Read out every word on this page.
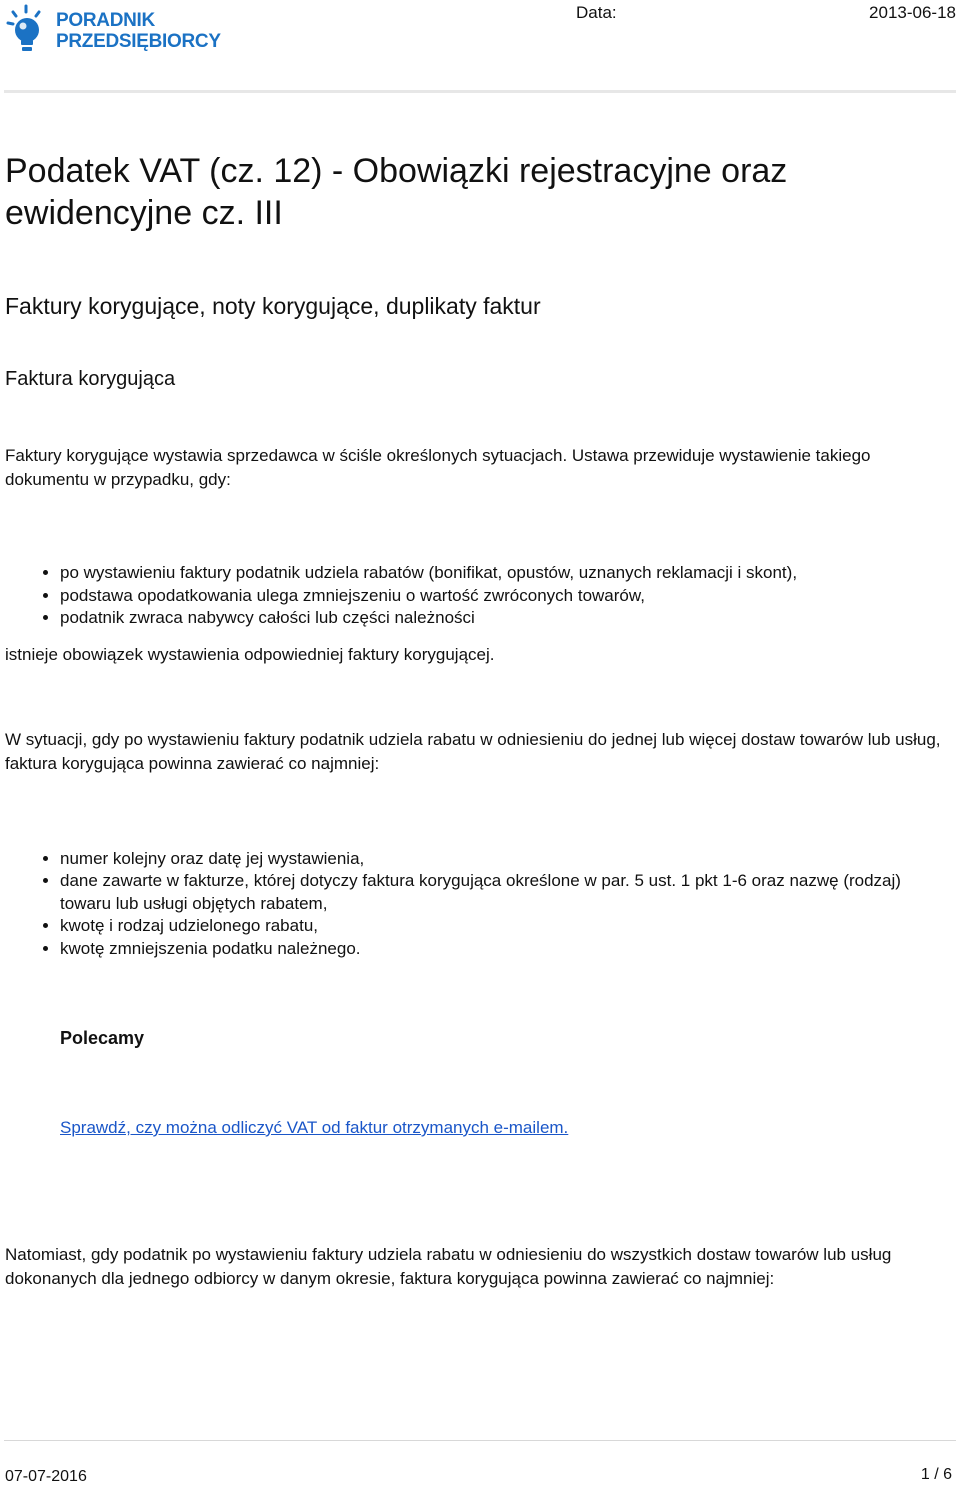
PORADNIK
PRZEDSIĘBIORCY
Data:	2013-06-18
Podatek VAT (cz. 12) - Obowiązki rejestracyjne oraz ewidencyjne cz. III
Faktury korygujące, noty korygujące, duplikaty faktur
Faktura korygująca

Faktury korygujące wystawia sprzedawca w ściśle określonych sytuacjach. Ustawa przewiduje wystawienie takiego dokumentu w przypadku, gdy:

• po wystawieniu faktury podatnik udziela rabatów (bonifikat, opustów, uznanych reklamacji i skont),
• podstawa opodatkowania ulega zmniejszeniu o wartość zwróconych towarów,
• podatnik zwraca nabywcy całości lub części należności

istnieje obowiązek wystawienia odpowiedniej faktury korygującej.

W sytuacji, gdy po wystawieniu faktury podatnik udziela rabatu w odniesieniu do jednej lub więcej dostaw towarów lub usług, faktura korygująca powinna zawierać co najmniej:

• numer kolejny oraz datę jej wystawienia,
• dane zawarte w fakturze, której dotyczy faktura korygująca określone w par. 5 ust. 1 pkt 1-6 oraz nazwę (rodzaj) towaru lub usługi objętych rabatem,
• kwotę i rodzaj udzielonego rabatu,
• kwotę zmniejszenia podatku należnego.
Polecamy
Sprawdź, czy można odliczyć VAT od faktur otrzymanych e-mailem.

Natomiast, gdy podatnik po wystawieniu faktury udziela rabatu w odniesieniu do wszystkich dostaw towarów lub usług dokonanych dla jednego odbiorcy w danym okresie, faktura korygująca powinna zawierać co najmniej:

07-07-2016	1 / 6
